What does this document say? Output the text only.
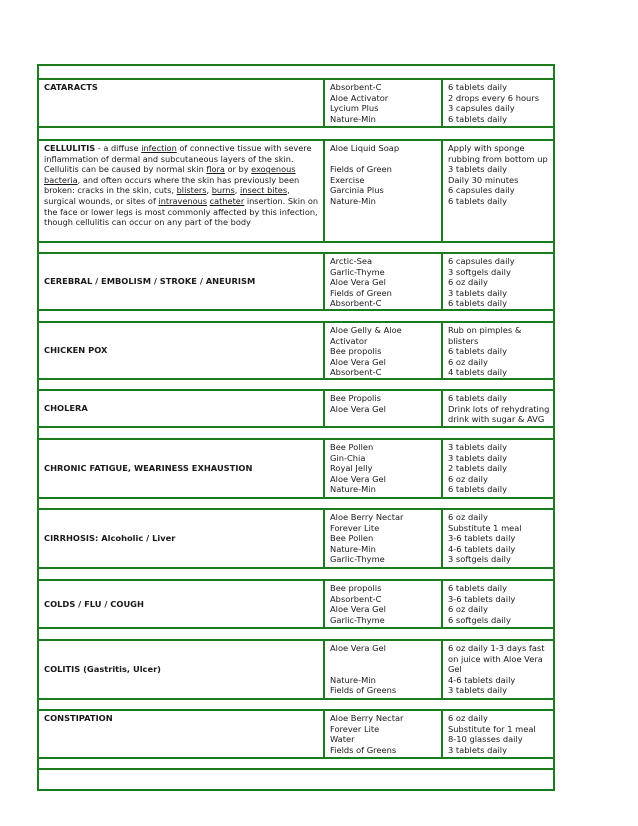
CATARACTS	Absorbent-C
Aloe Activator
Lycium Plus
Nature-Min
6 tablets daily
2 drops every 6 hours
3 capsules daily
6 tablets daily
CELLULITIS - a diffuse infection of connective tissue with severe inflammation of dermal and subcutaneous layers of the skin. Cellulitis can be caused by normal skin flora or by exogenous bacteria, and often occurs where the skin has previously been broken: cracks in the skin, cuts, blisters, burns, insect bites, surgical wounds, or sites of intravenous catheter insertion. Skin on the face or lower legs is most commonly affected by this infection, though cellulitis can occur on any part of the body
Aloe Liquid Soap
Fields of Green
Exercise
Garcinia Plus
Nature-Min
Apply with sponge
rubbing from bottom up
3 tablets daily
Daily 30 minutes
6 capsules daily
6 tablets daily
CEREBRAL / EMBOLISM / STROKE / ANEURISM
Arctic-Sea
Garlic-Thyme
Aloe Vera Gel
Fields of Green
Absorbent-C
6 capsules daily
3 softgels daily
6 oz daily
3 tablets daily
6 tablets daily
CHICKEN POX
Aloe Gelly & Aloe
Activator
Bee propolis
Aloe Vera Gel
Absorbent-C
Rub on pimples &
blisters
6 tablets daily
6 oz daily
4 tablets daily
CHOLERA
Bee Propolis
Aloe Vera Gel
6 tablets daily
Drink lots of rehydrating
drink with sugar & AVG
CHRONIC FATIGUE, WEARINESS EXHAUSTION
Bee Pollen
Gin-Chia
Royal Jelly
Aloe Vera Gel
Nature-Min
3 tablets daily
3 tablets daily
2 tablets daily
6 oz daily
6 tablets daily
CIRRHOSIS: Alcoholic / Liver
Aloe Berry Nectar
Forever Lite
Bee Pollen
Nature-Min
Garlic-Thyme
6 oz daily
Substitute 1 meal
3-6 tablets daily
4-6 tablets daily
3 softgels daily
COLDS / FLU / COUGH
Bee propolis
Absorbent-C
Aloe Vera Gel
Garlic-Thyme
6 tablets daily
3-6 tablets daily
6 oz daily
6 softgels daily
COLITIS (Gastritis, Ulcer)
Aloe Vera Gel
Nature-Min
Fields of Greens
6 oz daily 1-3 days fast
on juice with Aloe Vera
Gel
4-6 tablets daily
3 tablets daily
CONSTIPATION	Aloe Berry Nectar
Forever Lite
Water
Fields of Greens
6 oz daily
Substitute for 1 meal
8-10 glasses daily
3 tablets daily
